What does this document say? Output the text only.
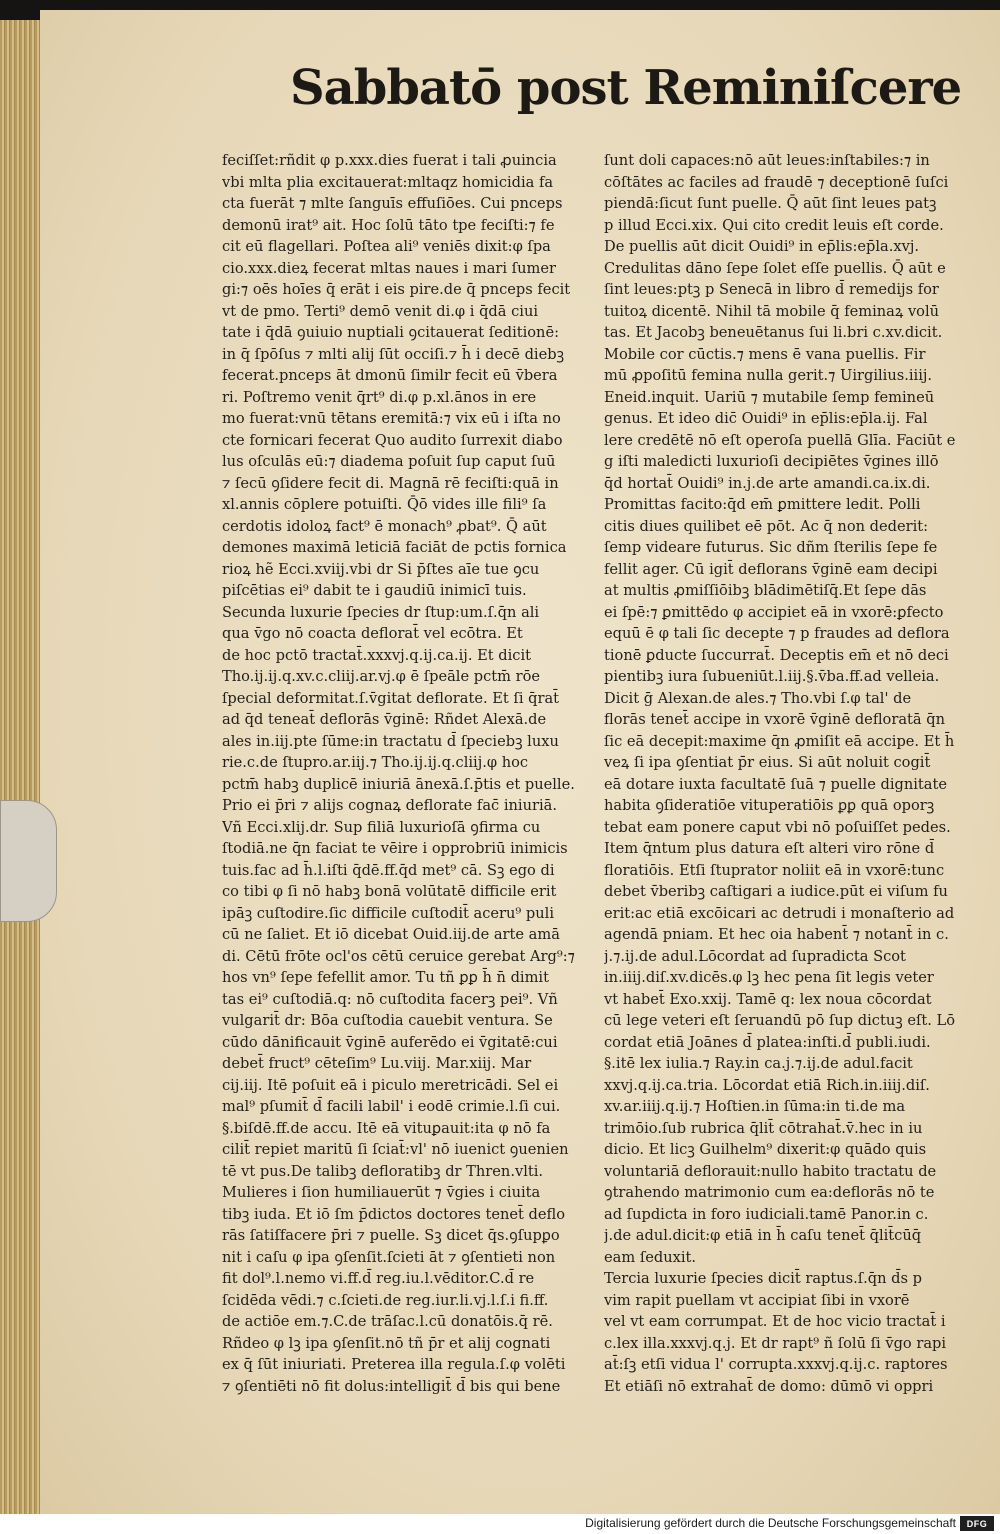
Sabbatō post Reminiſcere
feciſſet:rñdit φ p.xxx.dies fuerat i tali ꝓuincia
vbi mlta plia excitauerat:mltaqz homicidia fa
cta fuerāt ⁊ mlte ſanguīs effuſiōes. Cui pnceps
demonū irat⁹ ait. Hoc ſolū tāto tpe feciſti:⁊ fe
cit eū flagellari. Poſtea ali⁹ veniēs dixit:φ ſpa
cio.xxx.dieꝝ fecerat mltas naues i mari ſumer
gi:⁊ oēs hoīes q̄ erāt i eis pire.de q̄ pnceps fecit
vt de pmo. Terti⁹ demō venit di.φ i q̄dā ciui
tate i q̄dā ꝯuiuio nuptiali ꝯcitauerat ſeditionē:
in q̄ ſpōſus ⁊ mlti alij ſūt occiſi.⁊ h̄ i decē diebꝫ
fecerat.pnceps āt dmonū ſimilr fecit eū v̄bera
ri. Poſtremo venit q̄rt⁹ di.φ p.xl.ānos in ere
mo fuerat:vnū tētans eremitā:⁊ vix eū i iſta no
cte fornicari fecerat Quo audito ſurrexit diabo
lus oſculās eū:⁊ diadema poſuit ſup caput ſuū
⁊ ſecū ꝯſidere fecit di. Magnā rē feciſti:quā in
xl.annis cōplere potuiſti. Q̄ō vides ille fili⁹ ſa
cerdotis idoloꝝ fact⁹ ē monach⁹ ꝓbat⁹. Q̄ aūt
demones maximā leticiā faciāt de pctis fornica
rioꝝ hẽ Ecci.xviij.vbi dr Si p̄ſtes aīe tue ꝯcu
piſcētias ei⁹ dabit te i gaudiū inimicī tuis.
Secunda luxurie ſpecies dr ſtup:um.ſ.q̄n ali
qua v̄go nō coacta deflorat̄ vel ecōtra. Et
de hoc pctō tractat̄.xxxvj.q.ij.ca.ij. Et dicit
Tho.ij.ij.q.xv.c.cliij.ar.vj.φ ē ſpeāle pctm̄ rōe
ſpecial deformitat.ſ.v̄gitat deflorate. Et ſi q̄rat̄
ad q̄d teneat̄ deflorās v̄ginē: Rñdet Alexā.de
ales in.iij.pte ſūme:in tractatu d̄ ſpeciebꝫ luxu
rie.c.de ſtupro.ar.iij.⁊ Tho.ij.ij.q.cliij.φ hoc
pctm̄ habꝫ duplicē iniuriā ānexā.ſ.p̄tis et puelle.
Prio ei p̄ri ⁊ alijs cognaꝝ deflorate fac̄ iniuriā.
Vñ Ecci.xlij.dr. Sup filiā luxurioſā ꝯfirma cu
ſtodiā.ne q̄n faciat te vēire i opprobriū inimicis
tuis.fac ad h̄.l.iſti q̄dē.ff.q̄d met⁹ cā. Sꝫ ego di
co tibi φ ſi nō habꝫ bonā volūtatē difficile erit
ipāꝫ cuſtodire.ſic difficile cuſtodit̄ aceru⁹ puli
cū ne ſaliet. Et iō dicebat Ouid.iij.de arte amā
di. Cētū frōte ocl'os cētū ceruice gerebat Arg⁹:⁊
hos vn⁹ ſepe fefellit amor. Tu tñ ꝑꝑ h̄ n̄ dimit
tas ei⁹ cuſtodiā.q: nō cuſtodita facerꝫ pei⁹. Vñ
vulgarit̄ dr: Bōa cuſtodia cauebit ventura. Se
cūdo dānificauit v̄ginē auferēdo ei v̄gitatē:cui
debet̄ fruct⁹ cēteſim⁹ Lu.viij. Mar.xiij. Mar
cij.iij. Itē poſuit eā i piculo meretricādi. Sel ei
mal⁹ pſumit̄ d̄ facili labil' i eodē crimie.l.ſi cui.
§.biſdē.ff.de accu. Itē eā vituꝑauit:ita φ nō fa
cilit̄ repiet maritū ſi ſciat̄:vl' nō iuenict ꝯuenien
tē vt pus.De talibꝫ defloratibꝫ dr Thren.vlti.
Mulieres i ſion humiliauerūt ⁊ v̄gies i ciuita
tibꝫ iuda. Et iō ſm p̄dictos doctores tenet̄ deflo
rās ſatiſfacere p̄ri ⁊ puelle. Sꝫ dicet q̄s.ꝯſupꝑo
nit i caſu φ ipa ꝯſenſit.ſcieti āt ⁊ ꝯſentieti non
fit dol⁹.l.nemo vi.ff.d̄ reg.iu.l.vēditor.C.d̄ re
ſcidēda vēdi.⁊ c.ſcieti.de reg.iur.li.vj.l.ſ.i fi.ff.
de actiōe em.⁊.C.de trāſac.l.cū donatōis.q̄ rē.
Rñdeo φ lꝫ ipa ꝯſenſit.nō tñ p̄r et alij cognati
ex q̄ ſūt iniuriati. Preterea illa regula.ſ.φ volēti
⁊ ꝯſentiēti nō fit dolus:intelligit̄ d̄ bis qui bene
ſunt doli capaces:nō aūt leues:inſtabiles:⁊ in
cōſtātes ac faciles ad fraudē ⁊ deceptionē ſuſci
piendā:ſicut ſunt puelle. Q̄ aūt ſint leues patꝫ
p illud Ecci.xix. Qui cito credit leuis eſt corde.
De puellis aūt dicit Ouidi⁹ in ep̄lis:ep̄la.xvj.
Credulitas dāno ſepe ſolet eſſe puellis. Q̄ aūt e
ſint leues:ptꝫ p Senecā in libro d̄ remedijs for
tuitoꝝ dicentē. Nihil tā mobile q̄ feminaꝝ volū
tas. Et Jacobꝫ beneuētanus ſui li.bri c.xv.dicit.
Mobile cor cūctis.⁊ mens ē vana puellis. Fir
mū ꝓpoſitū femina nulla gerit.⁊ Uirgilius.iiij.
Eneid.inquit. Uariū ⁊ mutabile ſemp femineū
genus. Et ideo dic̄ Ouidi⁹ in ep̄lis:ep̄la.ij. Fal
lere credētē nō eſt operoſa puellā Glīa. Faciūt e
g iſti maledicti luxurioſi decipiētes v̄gines illō
q̄d hortat̄ Ouidi⁹ in.j.de arte amandi.ca.ix.di.
Promittas facito:q̄d em̄ ꝑmittere ledit. Polli
citis diues quilibet eē pōt. Ac q̄ non dederit:
ſemp videare futurus. Sic dñm ſterilis ſepe fe
fellit ager. Cū igit̄ deflorans v̄ginē eam decipi
at multis ꝓmiſſiōibꝫ blādimētiſq̄.Et ſepe dās
ei ſpē:⁊ ꝑmittēdo φ accipiet eā in vxorē:ꝑfecto
equū ē φ tali ſic decepte ⁊ p fraudes ad deflora
tionē ꝑducte ſuccurrat̄. Deceptis em̄ et nō deci
pientibꝫ iura ſubueniūt.l.iij.§.v̄ba.ff.ad velleia.
Dicit ḡ Alexan.de ales.⁊ Tho.vbi ſ.φ tal' de
florās tenet̄ accipe in vxorē v̄ginē defloratā q̄n
ſic eā decepit:maxime q̄n ꝓmiſit eā accipe. Et h̄
veꝝ ſi ipa ꝯſentiat p̄r eius. Si aūt noluit cogit̄
eā dotare iuxta facultatē ſuā ⁊ puelle dignitate
habita ꝯſideratiōe vituperatiōis ꝑꝑ quā oporꝫ
tebat eam ponere caput vbi nō poſuiſſet pedes.
Item q̄ntum plus datura eſt alteri viro rōne d̄
floratiōis. Etſi ſtuprator noliit eā in vxorē:tunc
debet v̄beribꝫ caſtigari a iudice.pūt ei viſum fu
erit:ac etiā excōicari ac detrudi i monaſterio ad
agendā pniam. Et hec oia habent̄ ⁊ notant̄ in c.
j.⁊.ij.de adul.Lōcordat ad ſupradicta Scot
in.iiij.diſ.xv.dicēs.φ lꝫ hec pena ſit legis veter
vt habet̄ Exo.xxij. Tamē q: lex noua cōcordat
cū lege veteri eſt ſeruandū pō ſup dictuꝫ eſt. Lō
cordat etiā Joānes d̄ platea:inſti.d̄ publi.iudi.
§.itē lex iulia.⁊ Ray.in ca.j.⁊.ij.de adul.facit
xxvj.q.ij.ca.tria. Lōcordat etiā Rich.in.iiij.diſ.
xv.ar.iiij.q.ij.⁊ Hoſtien.in ſūma:in ti.de ma
trimōio.ſub rubrica q̄lit̄ cōtrahat̄.v̄.hec in iu
dicio. Et licꝫ Guilhelm⁹ dixerit:φ quādo quis
voluntariā deflorauit:nullo habito tractatu de
ꝯtrahendo matrimonio cum ea:deflorās nō te
ad ſupdicta in foro iudiciali.tamē Panor.in c.
j.de adul.dicit:φ etiā in h̄ caſu tenet̄ q̄lit̄cūq̄
eam ſeduxit.
Tercia luxurie ſpecies dicit̄ raptus.ſ.q̄n d̄s p
vim rapit puellam vt accipiat ſibi in vxorē
vel vt eam corrumpat. Et de hoc vicio tractat̄ i
c.lex illa.xxxvj.q.j. Et dr rapt⁹ ñ ſolū ſi v̄go rapi
at̄:ſꝫ etſi vidua l' corrupta.xxxvj.q.ij.c. raptores
Et etiāſi nō extrahat̄ de domo: dūmō vi oppri
Digitalisierung gefördert durch die Deutsche Forschungsgemeinschaft	DFG
